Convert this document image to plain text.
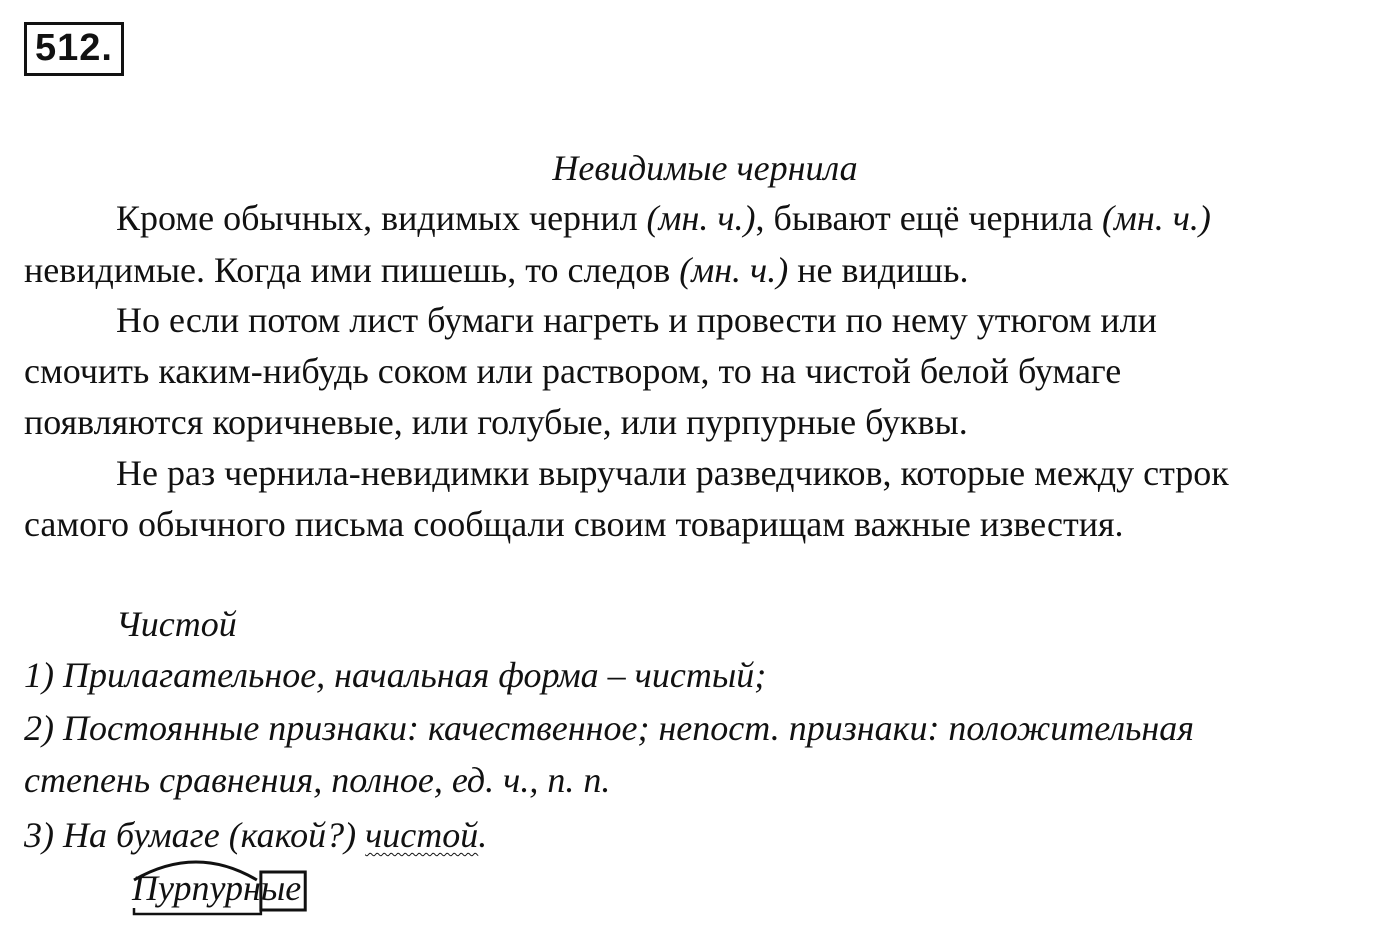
512.
Невидимые чернила
Кроме обычных, видимых чернил (мн. ч.), бывают ещё чернила (мн. ч.)
невидимые. Когда ими пишешь, то следов (мн. ч.) не видишь.
Но если потом лист бумаги нагреть и провести по нему утюгом или
смочить каким-нибудь соком или раствором, то на чистой белой бумаге
появляются коричневые, или голубые, или пурпурные буквы.
Не раз чернила-невидимки выручали разведчиков, которые между строк
самого обычного письма сообщали своим товарищам важные известия.
Чистой
1) Прилагательное, начальная форма – чистый;
2) Постоянные признаки: качественное; непост. признаки: положительная
степень сравнения, полное, ед. ч., п. п.
3) На бумаге (какой?) чистой.
Пурпурные
